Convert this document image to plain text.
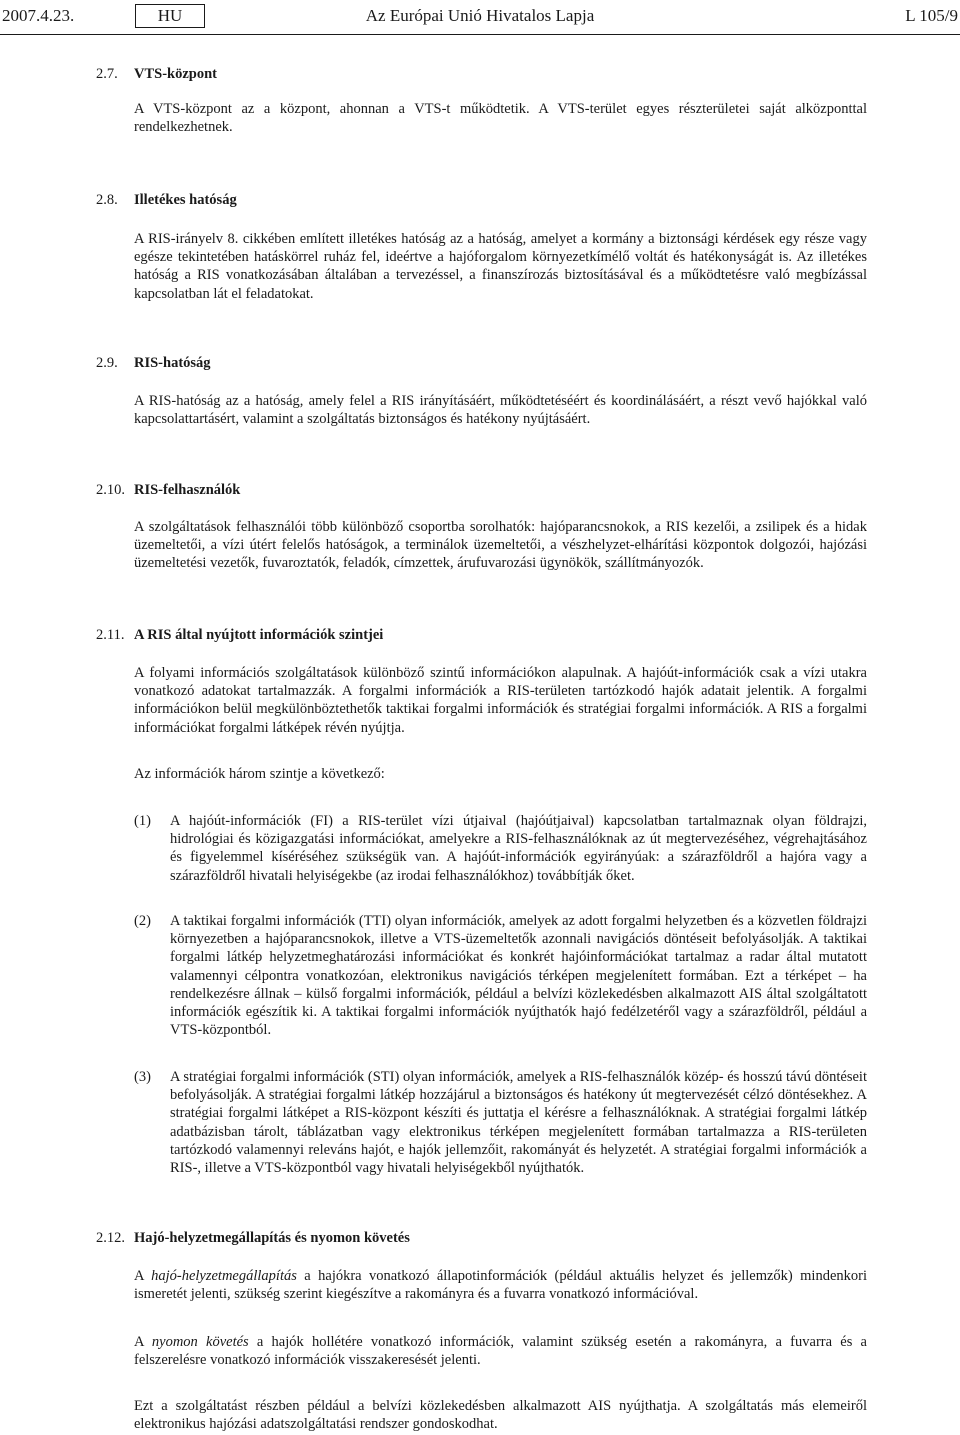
2007.4.23.	HU	Az Európai Unió Hivatalos Lapja	L 105/9
2.7. VTS-központ

A VTS-központ az a központ, ahonnan a VTS-t működtetik. A VTS-terület egyes részterületei saját alközponttal rendelkezhetnek.

2.8. Illetékes hatóság

A RIS-irányelv 8. cikkében említett illetékes hatóság az a hatóság, amelyet a kormány a biztonsági kérdések egy része vagy egésze tekintetében hatáskörrel ruház fel, ideértve a hajóforgalom környezetkímélő voltát és hatékonyságát is. Az illetékes hatóság a RIS vonatkozásában általában a tervezéssel, a finanszírozás biztosításával és a működtetésre való megbízással kapcsolatban lát el feladatokat.

2.9. RIS-hatóság

A RIS-hatóság az a hatóság, amely felel a RIS irányításáért, működtetéséért és koordinálásáért, a részt vevő hajókkal való kapcsolattartásért, valamint a szolgáltatás biztonságos és hatékony nyújtásáért.

2.10. RIS-felhasználók

A szolgáltatások felhasználói több különböző csoportba sorolhatók: hajóparancsnokok, a RIS kezelői, a zsilipek és a hidak üzemeltetői, a vízi útért felelős hatóságok, a terminálok üzemeltetői, a vészhelyzet-elhárítási központok dolgozói, hajózási üzemeltetési vezetők, fuvaroztatók, feladók, címzettek, árufuvarozási ügynökök, szállítmányozók.

2.11. A RIS által nyújtott információk szintjei

A folyami információs szolgáltatások különböző szintű információkon alapulnak. A hajóút-információk csak a vízi utakra vonatkozó adatokat tartalmazzák. A forgalmi információk a RIS-területen tartózkodó hajók adatait jelentik. A forgalmi információkon belül megkülönböztethetők taktikai forgalmi információk és stratégiai forgalmi információk. A RIS a forgalmi információkat forgalmi látképek révén nyújtja.

Az információk három szintje a következő:

(1) A hajóút-információk (FI) a RIS-terület vízi útjaival (hajóútjaival) kapcsolatban tartalmaznak olyan földrajzi, hidrológiai és közigazgatási információkat, amelyekre a RIS-felhasználóknak az út megtervezéséhez, végrehajtásához és figyelemmel kíséréséhez szükségük van. A hajóút-információk egyirányúak: a szárazföldről a hajóra vagy a szárazföldről hivatali helyiségekbe (az irodai felhasználókhoz) továbbítják őket.

(2) A taktikai forgalmi információk (TTI) olyan információk, amelyek az adott forgalmi helyzetben és a közvetlen földrajzi környezetben a hajóparancsnokok, illetve a VTS-üzemeltetők azonnali navigációs döntéseit befolyásolják. A taktikai forgalmi látkép helyzetmeghatározási információkat és konkrét hajóinformációkat tartalmaz a radar által mutatott valamennyi célpontra vonatkozóan, elektronikus navigációs térképen megjelenített formában. Ezt a térképet – ha rendelkezésre állnak – külső forgalmi információk, például a belvízi közlekedésben alkalmazott AIS által szolgáltatott információk egészítik ki. A taktikai forgalmi információk nyújthatók hajó fedélzetéről vagy a szárazföldről, például a VTS-központból.

(3) A stratégiai forgalmi információk (STI) olyan információk, amelyek a RIS-felhasználók közép- és hosszú távú döntéseit befolyásolják. A stratégiai forgalmi látkép hozzájárul a biztonságos és hatékony út megtervezését célzó döntésekhez. A stratégiai forgalmi látképet a RIS-központ készíti és juttatja el kérésre a felhasználóknak. A stratégiai forgalmi látkép adatbázisban tárolt, táblázatban vagy elektronikus térképen megjelenített formában tartalmazza a RIS-területen tartózkodó valamennyi releváns hajót, e hajók jellemzőit, rakományát és helyzetét. A stratégiai forgalmi információk a RIS-, illetve a VTS-központból vagy hivatali helyiségekből nyújthatók.

2.12. Hajó-helyzetmegállapítás és nyomon követés

A hajó-helyzetmegállapítás a hajókra vonatkozó állapotinformációk (például aktuális helyzet és jellemzők) mindenkori ismeretét jelenti, szükség szerint kiegészítve a rakományra és a fuvarra vonatkozó információval.

A nyomon követés a hajók hollétére vonatkozó információk, valamint szükség esetén a rakományra, a fuvarra és a felszerelésre vonatkozó információk visszakeresését jelenti.

Ezt a szolgáltatást részben például a belvízi közlekedésben alkalmazott AIS nyújthatja. A szolgáltatás más elemeiről elektronikus hajózási adatszolgáltatási rendszer gondoskodhat.
